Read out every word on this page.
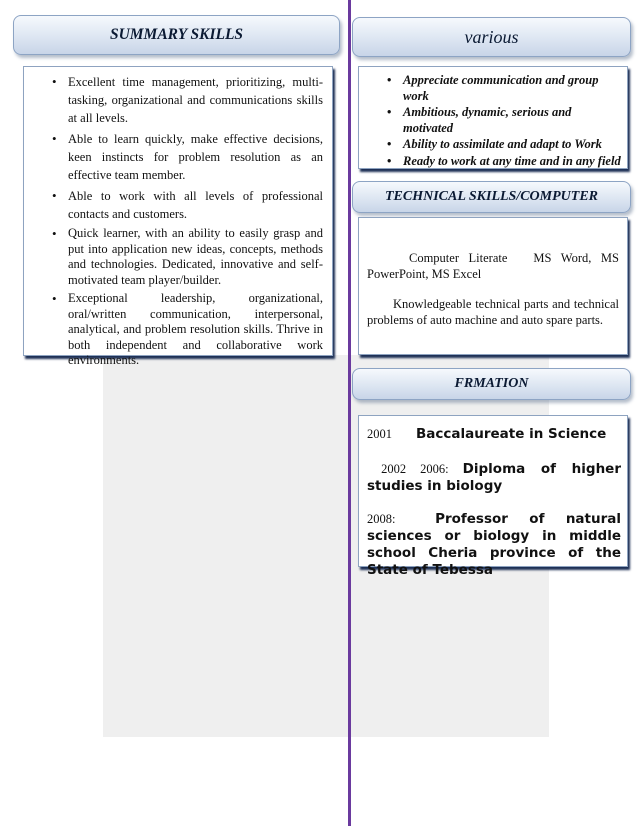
SUMMARY SKILLS
• Excellent time management, prioritizing, multi-tasking, organizational and communications skills at all levels.
• Able to learn quickly, make effective decisions, keen instincts for problem resolution as an effective team member.
• Able to work with all levels of professional contacts and customers.
• Quick learner, with an ability to easily grasp and put into application new ideas, concepts, methods and technologies. Dedicated, innovative and self-motivated team player/builder.
• Exceptional leadership, organizational, oral/written communication, interpersonal, analytical, and problem resolution skills. Thrive in both independent and collaborative work environments.
various
• Appreciate communication and group work
• Ambitious, dynamic, serious and motivated
• Ability to assimilate and adapt to Work
• Ready to work at any time and in any field
TECHNICAL SKILLS/COMPUTER

Computer Literate MS Word, MS PowerPoint, MS Excel

Knowledgeable technical parts and technical problems of auto machine and auto spare parts.

FRMATION

2001 Baccalaureate in Science

2002 2006: Diploma of higher studies in biology

2008:	Professor of natural sciences or biology in middle school Cheria province of the State of Tebessa
